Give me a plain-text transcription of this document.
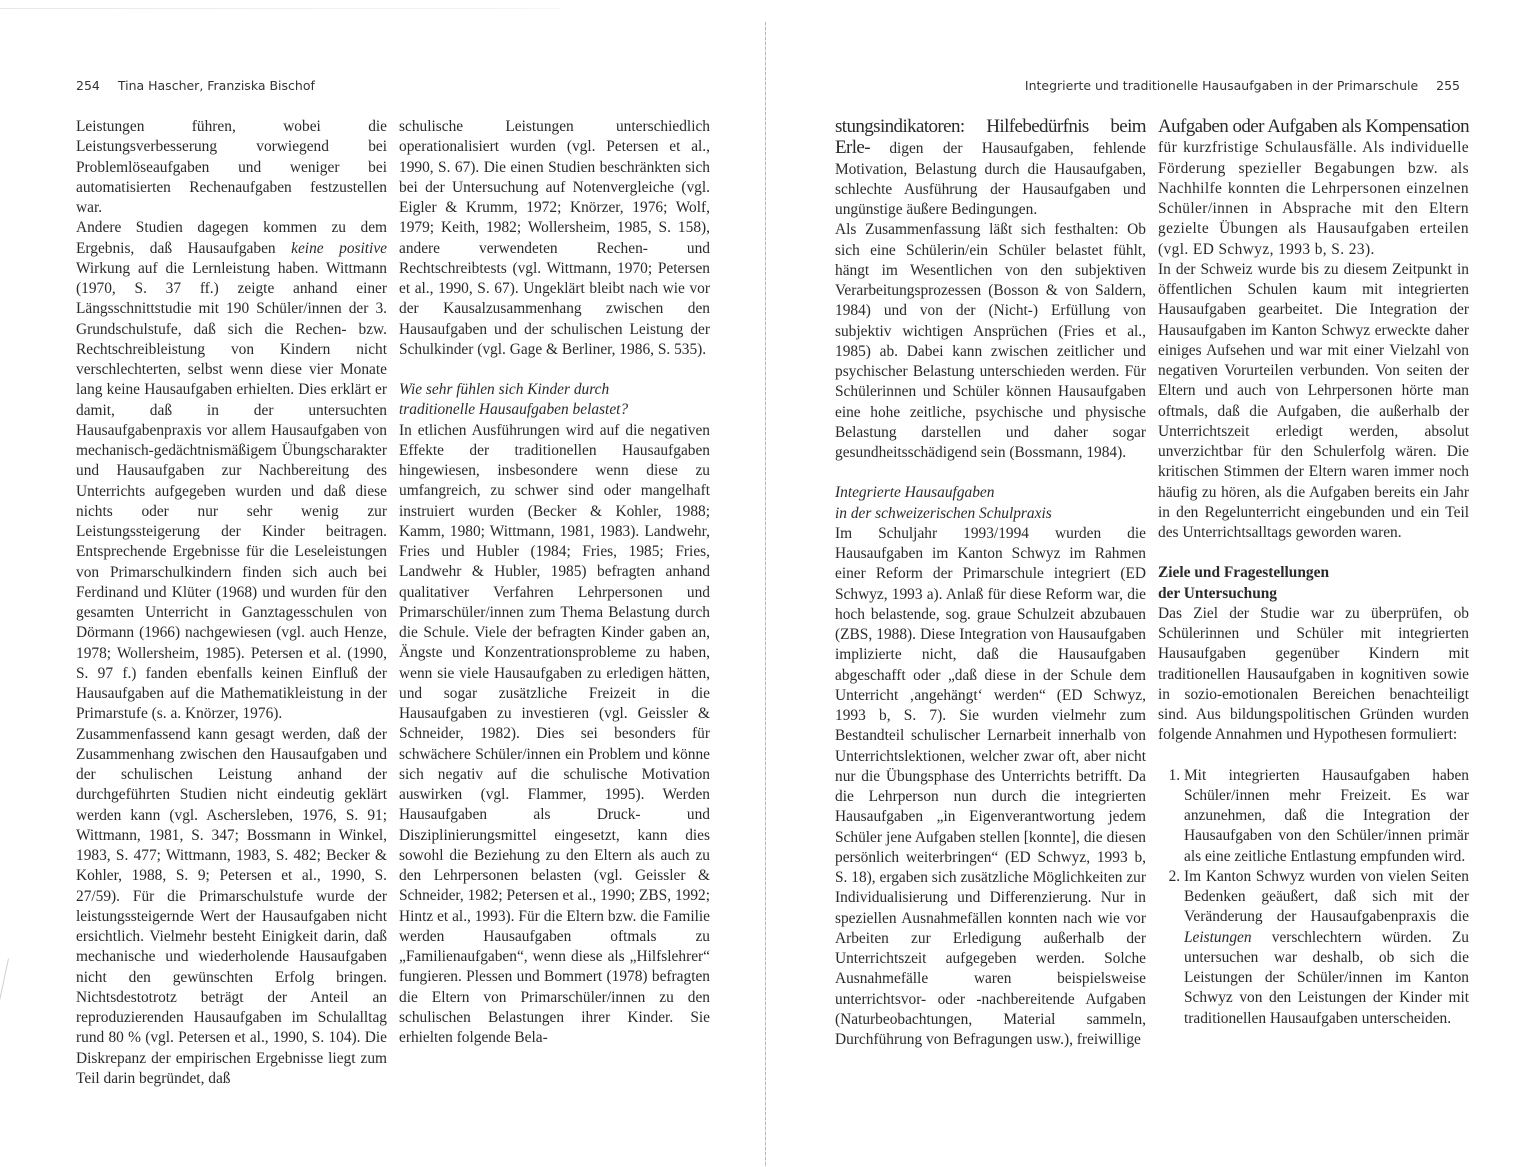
254 Tina Hascher, Franziska Bischof

Leistungen führen, wobei die Leistungsverbesserung vorwiegend bei Problemlöseaufgaben und weniger bei automatisierten Rechenaufgaben festzustellen war.

Andere Studien dagegen kommen zu dem Ergebnis, daß Hausaufgaben keine positive Wirkung auf die Lernleistung haben. Wittmann (1970, S. 37 ff.) zeigte anhand einer Längsschnittstudie mit 190 Schüler/innen der 3. Grundschulstufe, daß sich die Rechen- bzw. Rechtschreibleistung von Kindern nicht verschlechterten, selbst wenn diese vier Monate lang keine Hausaufgaben erhielten. Dies erklärt er damit, daß in der untersuchten Hausaufgabenpraxis vor allem Hausaufgaben von mechanisch-gedächtnismäßigem Übungscharakter und Hausaufgaben zur Nachbereitung des Unterrichts aufgegeben wurden und daß diese nichts oder nur sehr wenig zur Leistungssteigerung der Kinder beitragen. Entsprechende Ergebnisse für die Leseleistungen von Primarschulkindern finden sich auch bei Ferdinand und Klüter (1968) und wurden für den gesamten Unterricht in Ganztagesschulen von Dörmann (1966) nachgewiesen (vgl. auch Henze, 1978; Wollersheim, 1985). Petersen et al. (1990, S. 97 f.) fanden ebenfalls keinen Einfluß der Hausaufgaben auf die Mathematikleistung in der Primarstufe (s. a. Knörzer, 1976).

Zusammenfassend kann gesagt werden, daß der Zusammenhang zwischen den Hausaufgaben und der schulischen Leistung anhand der durchgeführten Studien nicht eindeutig geklärt werden kann (vgl. Aschersleben, 1976, S. 91; Wittmann, 1981, S. 347; Bossmann in Winkel, 1983, S. 477; Wittmann, 1983, S. 482; Becker & Kohler, 1988, S. 9; Petersen et al., 1990, S. 27/59). Für die Primarschulstufe wurde der leistungssteigernde Wert der Hausaufgaben nicht ersichtlich. Vielmehr besteht Einigkeit darin, daß mechanische und wiederholende Hausaufgaben nicht den gewünschten Erfolg bringen. Nichtsdestotrotz beträgt der Anteil an reproduzierenden Hausaufgaben im Schulalltag rund 80 % (vgl. Petersen et al., 1990, S. 104). Die Diskrepanz der empirischen Ergebnisse liegt zum Teil darin begründet, daß

schulische Leistungen unterschiedlich operationalisiert wurden (vgl. Petersen et al., 1990, S. 67). Die einen Studien beschränkten sich bei der Untersuchung auf Notenvergleiche (vgl. Eigler & Krumm, 1972; Knörzer, 1976; Wolf, 1979; Keith, 1982; Wollersheim, 1985, S. 158), andere verwendeten Rechen- und Rechtschreibtests (vgl. Wittmann, 1970; Petersen et al., 1990, S. 67). Ungeklärt bleibt nach wie vor der Kausalzusammenhang zwischen den Hausaufgaben und der schulischen Leistung der Schulkinder (vgl. Gage & Berliner, 1986, S. 535).

Wie sehr fühlen sich Kinder durch
traditionelle Hausaufgaben belastet?

In etlichen Ausführungen wird auf die negativen Effekte der traditionellen Hausaufgaben hingewiesen, insbesondere wenn diese zu umfangreich, zu schwer sind oder mangelhaft instruiert wurden (Becker & Kohler, 1988; Kamm, 1980; Wittmann, 1981, 1983). Landwehr, Fries und Hubler (1984; Fries, 1985; Fries, Landwehr & Hubler, 1985) befragten anhand qualitativer Verfahren Lehrpersonen und Primarschüler/innen zum Thema Belastung durch die Schule. Viele der befragten Kinder gaben an, Ängste und Konzentrationsprobleme zu haben, wenn sie viele Hausaufgaben zu erledigen hätten, und sogar zusätzliche Freizeit in die Hausaufgaben zu investieren (vgl. Geissler & Schneider, 1982). Dies sei besonders für schwächere Schüler/innen ein Problem und könne sich negativ auf die schulische Motivation auswirken (vgl. Flammer, 1995). Werden Hausaufgaben als Druck- und Disziplinierungsmittel eingesetzt, kann dies sowohl die Beziehung zu den Eltern als auch zu den Lehrpersonen belasten (vgl. Geissler & Schneider, 1982; Petersen et al., 1990; ZBS, 1992; Hintz et al., 1993). Für die Eltern bzw. die Familie werden Hausaufgaben oftmals zu „Familienaufgaben“, wenn diese als „Hilfslehrer“ fungieren. Plessen und Bommert (1978) befragten die Eltern von Primarschüler/innen zu den schulischen Belastungen ihrer Kinder. Sie erhielten folgende Bela-

Integrierte und traditionelle Hausaufgaben in der Primarschule 255

stungsindikatoren: Hilfebedürfnis beim Erle- digen der Hausaufgaben, fehlende Motivation, Belastung durch die Hausaufgaben, schlechte Ausführung der Hausaufgaben und ungünstige äußere Bedingungen.

Als Zusammenfassung läßt sich festhalten: Ob sich eine Schülerin/ein Schüler belastet fühlt, hängt im Wesentlichen von den subjektiven Verarbeitungsprozessen (Bosson & von Saldern, 1984) und von der (Nicht-) Erfüllung von subjektiv wichtigen Ansprüchen (Fries et al., 1985) ab. Dabei kann zwischen zeitlicher und psychischer Belastung unterschieden werden. Für Schülerinnen und Schüler können Hausaufgaben eine hohe zeitliche, psychische und physische Belastung darstellen und daher sogar gesundheitsschädigend sein (Bossmann, 1984).

Integrierte Hausaufgaben
in der schweizerischen Schulpraxis

Im Schuljahr 1993/1994 wurden die Hausaufgaben im Kanton Schwyz im Rahmen einer Reform der Primarschule integriert (ED Schwyz, 1993 a). Anlaß für diese Reform war, die hoch belastende, sog. graue Schulzeit abzubauen (ZBS, 1988). Diese Integration von Hausaufgaben implizierte nicht, daß die Hausaufgaben abgeschafft oder „daß diese in der Schule dem Unterricht ‚angehängt‘ werden“ (ED Schwyz, 1993 b, S. 7). Sie wurden vielmehr zum Bestandteil schulischer Lernarbeit innerhalb von Unterrichtslektionen, welcher zwar oft, aber nicht nur die Übungsphase des Unterrichts betrifft. Da die Lehrperson nun durch die integrierten Hausaufgaben „in Eigenverantwortung jedem Schüler jene Aufgaben stellen [konnte], die diesen persönlich weiterbringen“ (ED Schwyz, 1993 b, S. 18), ergaben sich zusätzliche Möglichkeiten zur Individualisierung und Differenzierung. Nur in speziellen Ausnahmefällen konnten nach wie vor Arbeiten zur Erledigung außerhalb der Unterrichtszeit aufgegeben werden. Solche Ausnahmefälle waren beispielsweise unterrichtsvor- oder -nachbereitende Aufgaben (Naturbeobachtungen, Material sammeln, Durchführung von Befragungen usw.), freiwillige

Aufgaben oder Aufgaben als Kompensation für kurzfristige Schulausfälle. Als individuelle Förderung spezieller Begabungen bzw. als Nachhilfe konnten die Lehrpersonen einzelnen Schüler/innen in Absprache mit den Eltern gezielte Übungen als Hausaufgaben erteilen (vgl. ED Schwyz, 1993 b, S. 23).

In der Schweiz wurde bis zu diesem Zeitpunkt in öffentlichen Schulen kaum mit integrierten Hausaufgaben gearbeitet. Die Integration der Hausaufgaben im Kanton Schwyz erweckte daher einiges Aufsehen und war mit einer Vielzahl von negativen Vorurteilen verbunden. Von seiten der Eltern und auch von Lehrpersonen hörte man oftmals, daß die Aufgaben, die außerhalb der Unterrichtszeit erledigt werden, absolut unverzichtbar für den Schulerfolg wären. Die kritischen Stimmen der Eltern waren immer noch häufig zu hören, als die Aufgaben bereits ein Jahr in den Regelunterricht eingebunden und ein Teil des Unterrichtsalltags geworden waren.

Ziele und Fragestellungen
der Untersuchung

Das Ziel der Studie war zu überprüfen, ob Schülerinnen und Schüler mit integrierten Hausaufgaben gegenüber Kindern mit traditionellen Hausaufgaben in kognitiven sowie in sozio-emotionalen Bereichen benachteiligt sind. Aus bildungspolitischen Gründen wurden folgende Annahmen und Hypothesen formuliert:

1. Mit integrierten Hausaufgaben haben Schüler/innen mehr Freizeit. Es war anzunehmen, daß die Integration der Hausaufgaben von den Schüler/innen primär als eine zeitliche Entlastung empfunden wird.
2. Im Kanton Schwyz wurden von vielen Seiten Bedenken geäußert, daß sich mit der Veränderung der Hausaufgabenpraxis die Leistungen verschlechtern würden. Zu untersuchen war deshalb, ob sich die Leistungen der Schüler/innen im Kanton Schwyz von den Leistungen der Kinder mit traditionellen Hausaufgaben unterscheiden.
